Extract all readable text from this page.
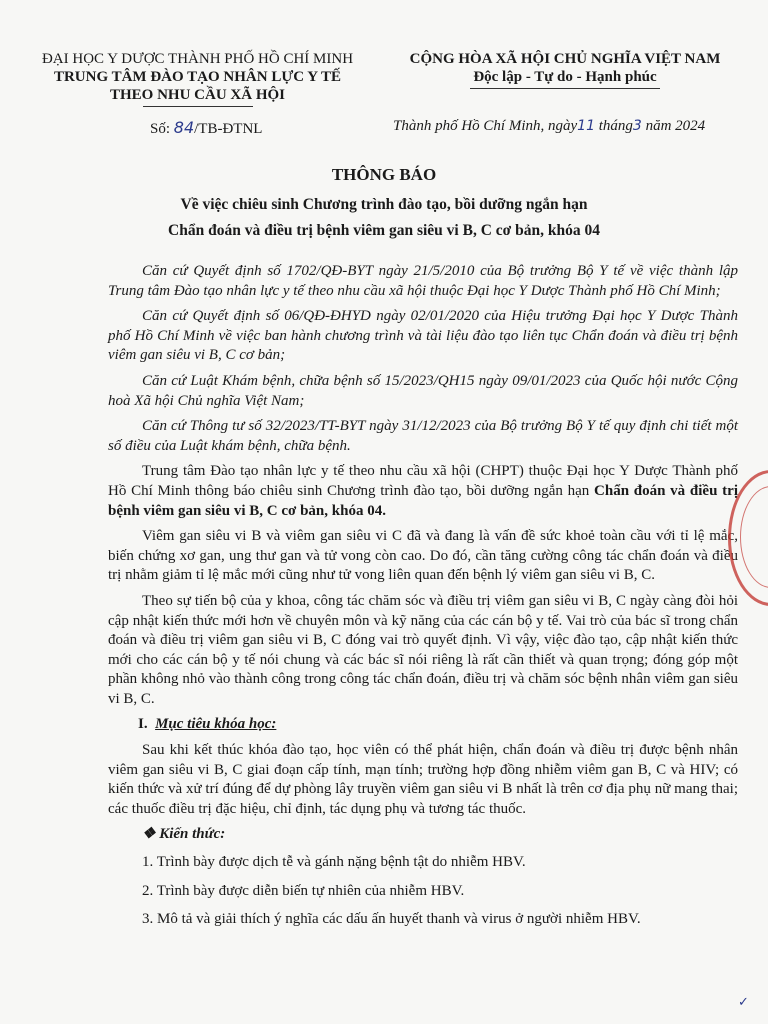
ĐẠI HỌC Y DƯỢC THÀNH PHỐ HỒ CHÍ MINH
TRUNG TÂM ĐÀO TẠO NHÂN LỰC Y TẾ
THEO NHU CẦU XÃ HỘI
CỘNG HÒA XÃ HỘI CHỦ NGHĨA VIỆT NAM
Độc lập - Tự do - Hạnh phúc
Số: 84/TB-ĐTNL	Thành phố Hồ Chí Minh, ngày11 tháng3 năm 2024
THÔNG BÁO
Về việc chiêu sinh Chương trình đào tạo, bồi dưỡng ngắn hạn
Chẩn đoán và điều trị bệnh viêm gan siêu vi B, C cơ bản, khóa 04

Căn cứ Quyết định số 1702/QĐ-BYT ngày 21/5/2010 của Bộ trưởng Bộ Y tế về việc thành lập Trung tâm Đào tạo nhân lực y tế theo nhu cầu xã hội thuộc Đại học Y Dược Thành phố Hồ Chí Minh;

Căn cứ Quyết định số 06/QĐ-ĐHYD ngày 02/01/2020 của Hiệu trưởng Đại học Y Dược Thành phố Hồ Chí Minh về việc ban hành chương trình và tài liệu đào tạo liên tục Chẩn đoán và điều trị bệnh viêm gan siêu vi B, C cơ bản;

Căn cứ Luật Khám bệnh, chữa bệnh số 15/2023/QH15 ngày 09/01/2023 của Quốc hội nước Cộng hoà Xã hội Chủ nghĩa Việt Nam;

Căn cứ Thông tư số 32/2023/TT-BYT ngày 31/12/2023 của Bộ trưởng Bộ Y tế quy định chi tiết một số điều của Luật khám bệnh, chữa bệnh.

Trung tâm Đào tạo nhân lực y tế theo nhu cầu xã hội (CHPT) thuộc Đại học Y Dược Thành phố Hồ Chí Minh thông báo chiêu sinh Chương trình đào tạo, bồi dưỡng ngắn hạn Chẩn đoán và điều trị bệnh viêm gan siêu vi B, C cơ bản, khóa 04.

Viêm gan siêu vi B và viêm gan siêu vi C đã và đang là vấn đề sức khoẻ toàn cầu với tỉ lệ mắc, biến chứng xơ gan, ung thư gan và tử vong còn cao. Do đó, cần tăng cường công tác chẩn đoán và điều trị nhằm giảm tỉ lệ mắc mới cũng như tử vong liên quan đến bệnh lý viêm gan siêu vi B, C.

Theo sự tiến bộ của y khoa, công tác chăm sóc và điều trị viêm gan siêu vi B, C ngày càng đòi hỏi cập nhật kiến thức mới hơn về chuyên môn và kỹ năng của các cán bộ y tế. Vai trò của bác sĩ trong chẩn đoán và điều trị viêm gan siêu vi B, C đóng vai trò quyết định. Vì vậy, việc đào tạo, cập nhật kiến thức mới cho các cán bộ y tế nói chung và các bác sĩ nói riêng là rất cần thiết và quan trọng; đóng góp một phần không nhỏ vào thành công trong công tác chẩn đoán, điều trị và chăm sóc bệnh nhân viêm gan siêu vi B, C.

I. Mục tiêu khóa học:

Sau khi kết thúc khóa đào tạo, học viên có thể phát hiện, chẩn đoán và điều trị được bệnh nhân viêm gan siêu vi B, C giai đoạn cấp tính, mạn tính; trường hợp đồng nhiễm viêm gan B, C và HIV; có kiến thức và xử trí đúng để dự phòng lây truyền viêm gan siêu vi B nhất là trên cơ địa phụ nữ mang thai; các thuốc điều trị đặc hiệu, chỉ định, tác dụng phụ và tương tác thuốc.

❖ Kiến thức:
1. Trình bày được dịch tễ và gánh nặng bệnh tật do nhiễm HBV.
2. Trình bày được diễn biến tự nhiên của nhiễm HBV.
3. Mô tả và giải thích ý nghĩa các dấu ấn huyết thanh và virus ở người nhiễm HBV.
✓
